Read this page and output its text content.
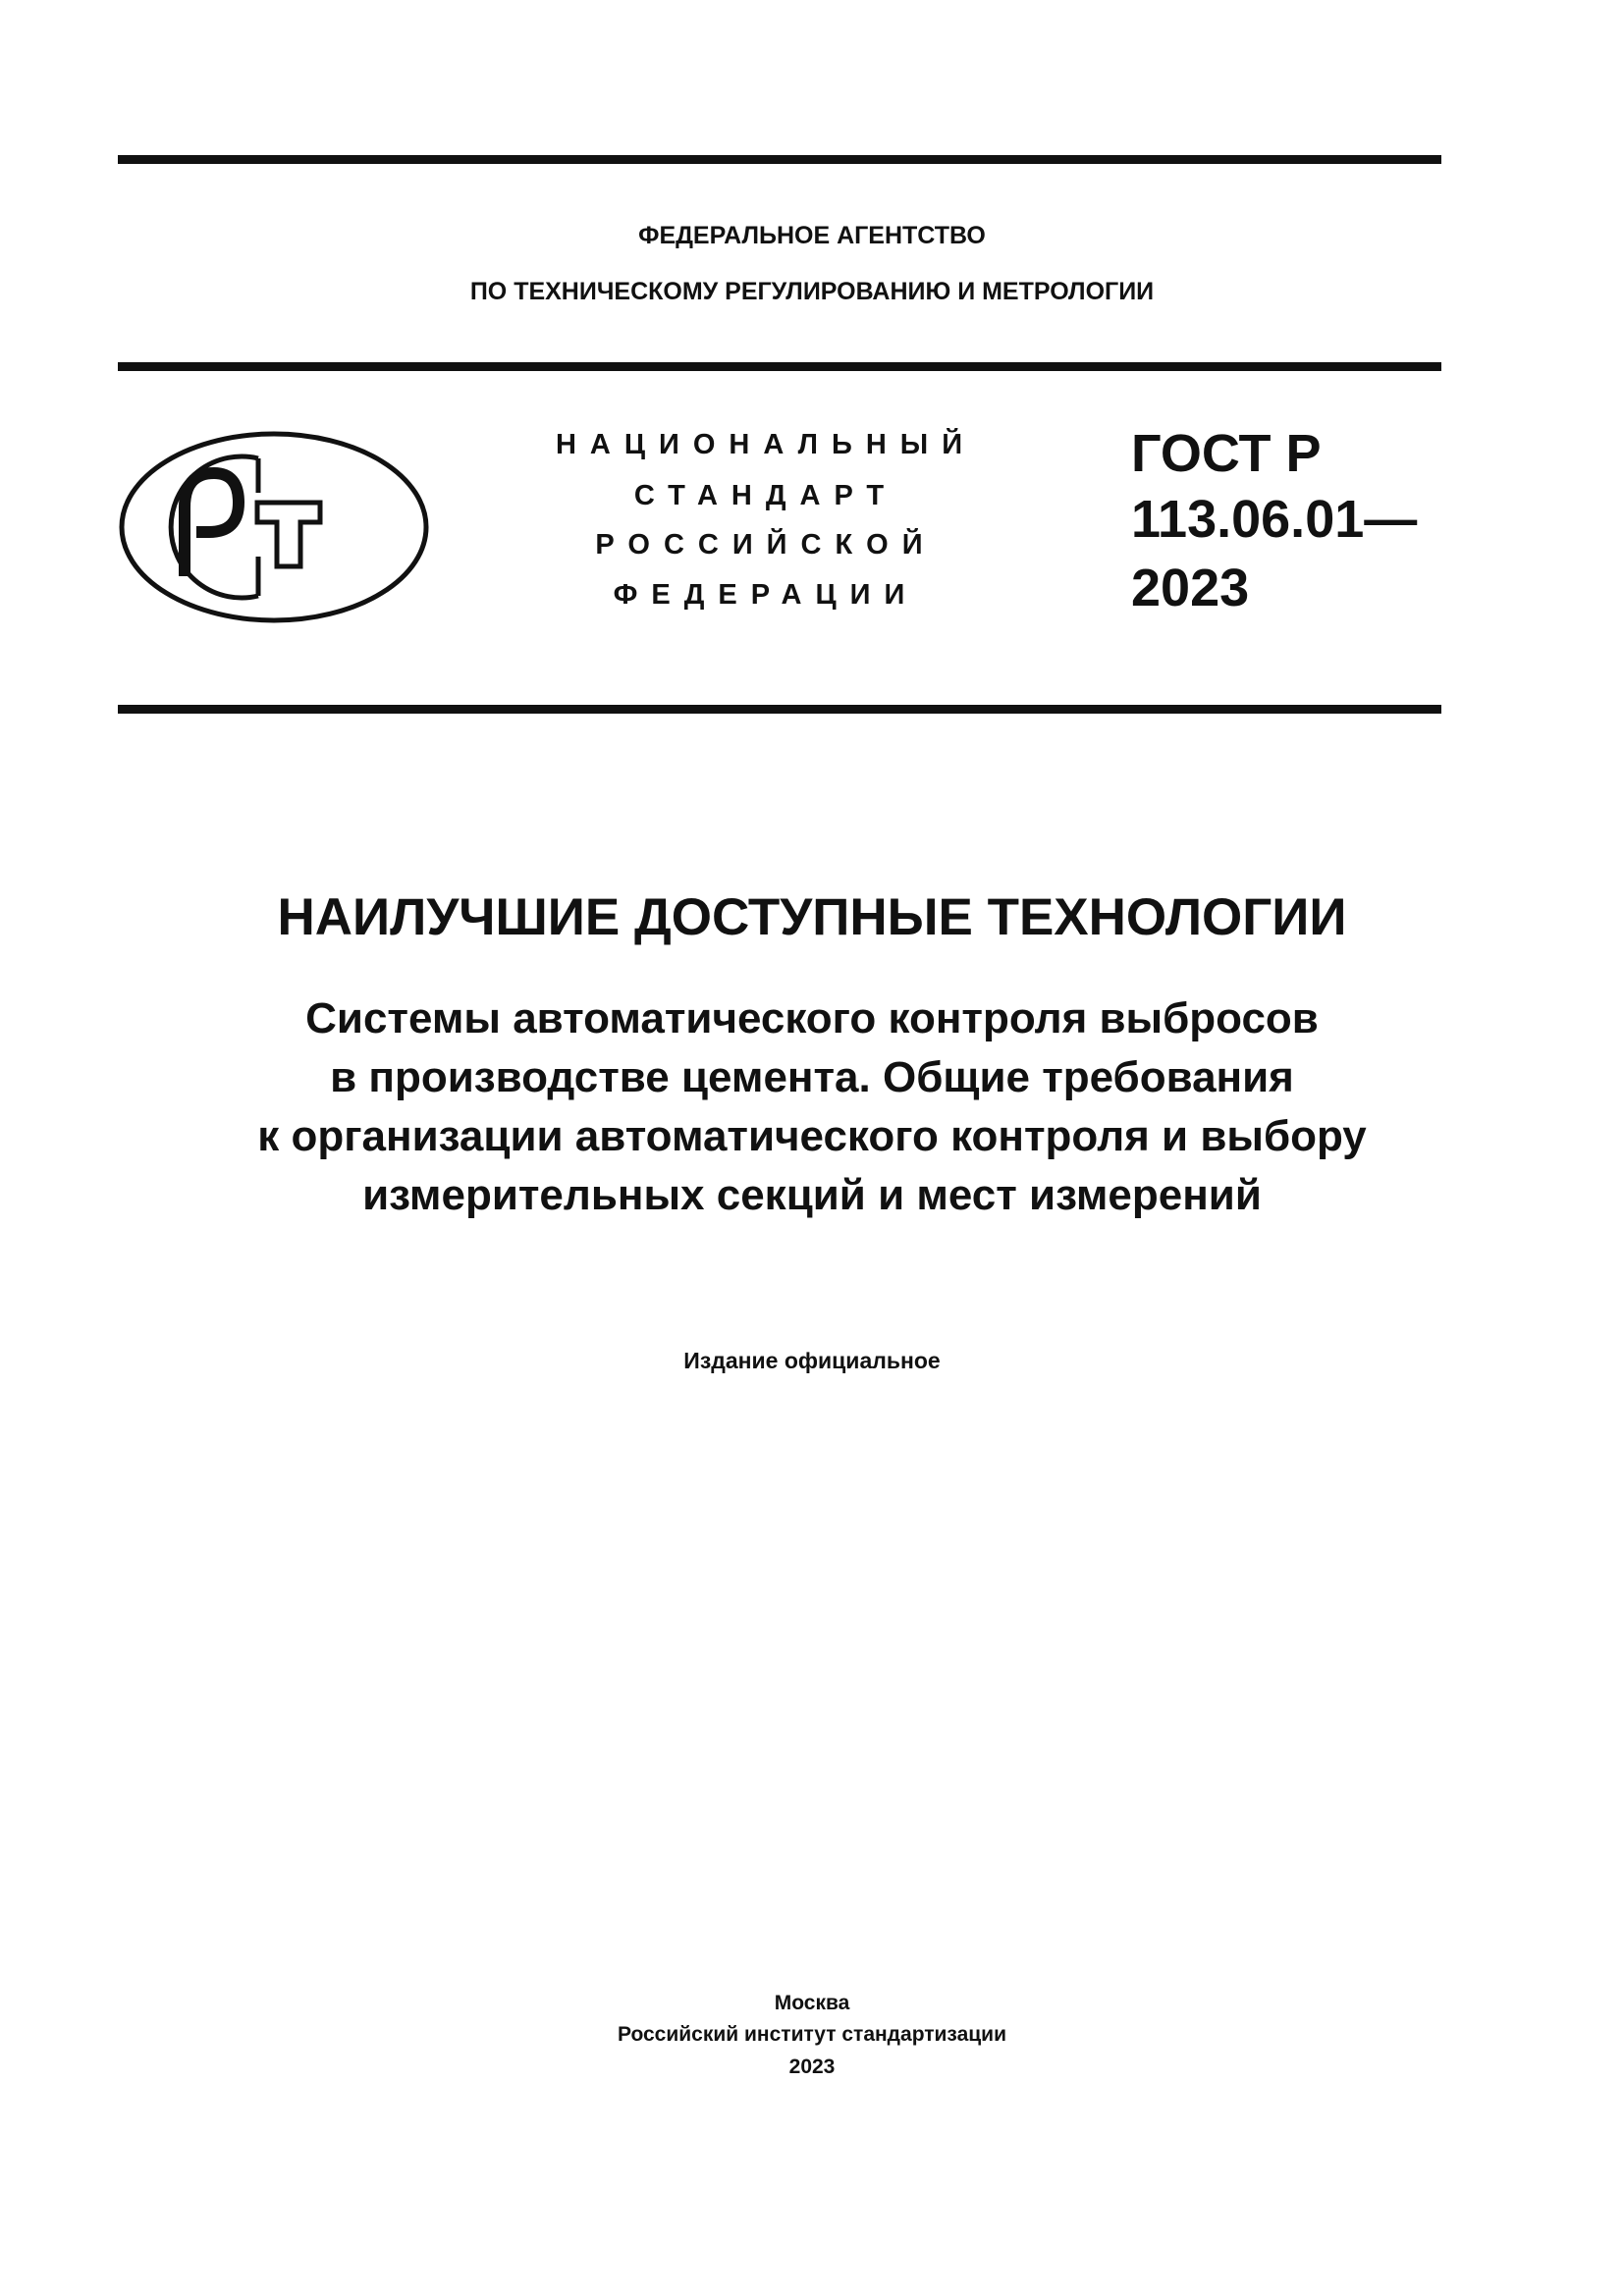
ФЕДЕРАЛЬНОЕ АГЕНТСТВО
ПО ТЕХНИЧЕСКОМУ РЕГУЛИРОВАНИЮ И МЕТРОЛОГИИ
НАЦИОНАЛЬНЫЙ
СТАНДАРТ
РОССИЙСКОЙ
ФЕДЕРАЦИИ
ГОСТ Р
113.06.01—
2023
НАИЛУЧШИЕ ДОСТУПНЫЕ ТЕХНОЛОГИИ
Системы автоматического контроля выбросов
в производстве цемента. Общие требования
к организации автоматического контроля и выбору
измерительных секций и мест измерений
Издание официальное
Москва
Российский институт стандартизации
2023
